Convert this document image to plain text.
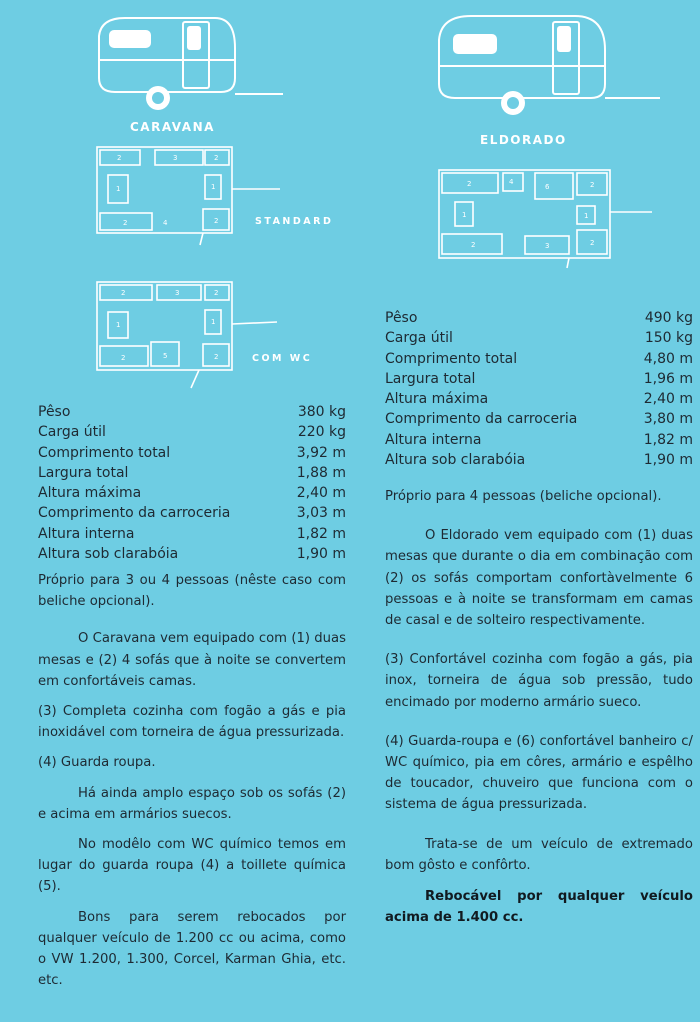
CARAVANA
2	3	2
1	1
2	4	2	STANDARD
2	3	2
1	1
2	5	2	COM WC
Pêso	380 kg
Carga útil	220 kg
Comprimento total	3,92 m
Largura total	1,88 m
Altura máxima	2,40 m
Comprimento da carroceria	3,03 m
Altura interna	1,82 m
Altura sob clarabóia	1,90 m

Próprio para 3 ou 4 pessoas (nêste caso com beliche opcional).

O Caravana vem equipado com (1) duas mesas e (2) 4 sofás que à noite se convertem em confortáveis camas.

(3) Completa cozinha com fogão a gás e pia inoxidável com torneira de água pressurizada.

(4) Guarda roupa.

Há ainda amplo espaço sob os sofás (2) e acima em armários suecos.

No modêlo com WC químico temos em lugar do guarda roupa (4) a toillete química (5).

Bons para serem rebocados por qualquer veículo de 1.200 cc ou acima, como o VW 1.200, 1.300, Corcel, Karman Ghia, etc. etc.

ELDORADO
2	4
6	2
1	1
2	3	2
Pêso	490 kg
Carga útil	150 kg
Comprimento total	4,80 m
Largura total	1,96 m
Altura máxima	2,40 m
Comprimento da carroceria	3,80 m
Altura interna	1,82 m
Altura sob clarabóia	1,90 m

Próprio para 4 pessoas (beliche opcional).

O Eldorado vem equipado com (1) duas mesas que durante o dia em combinação com (2) os sofás comportam confortàvelmente 6 pessoas e à noite se transformam em camas de casal e de solteiro respectivamente.

(3) Confortável cozinha com fogão a gás, pia inox, torneira de água sob pressão, tudo encimado por moderno armário sueco.

(4) Guarda-roupa e (6) confortável banheiro c/ WC químico, pia em côres, armário e espêlho de toucador, chuveiro que funciona com o sistema de água pressurizada.

Trata-se de um veículo de extremado bom gôsto e confôrto.

Rebocável por qualquer veículo acima de 1.400 cc.
